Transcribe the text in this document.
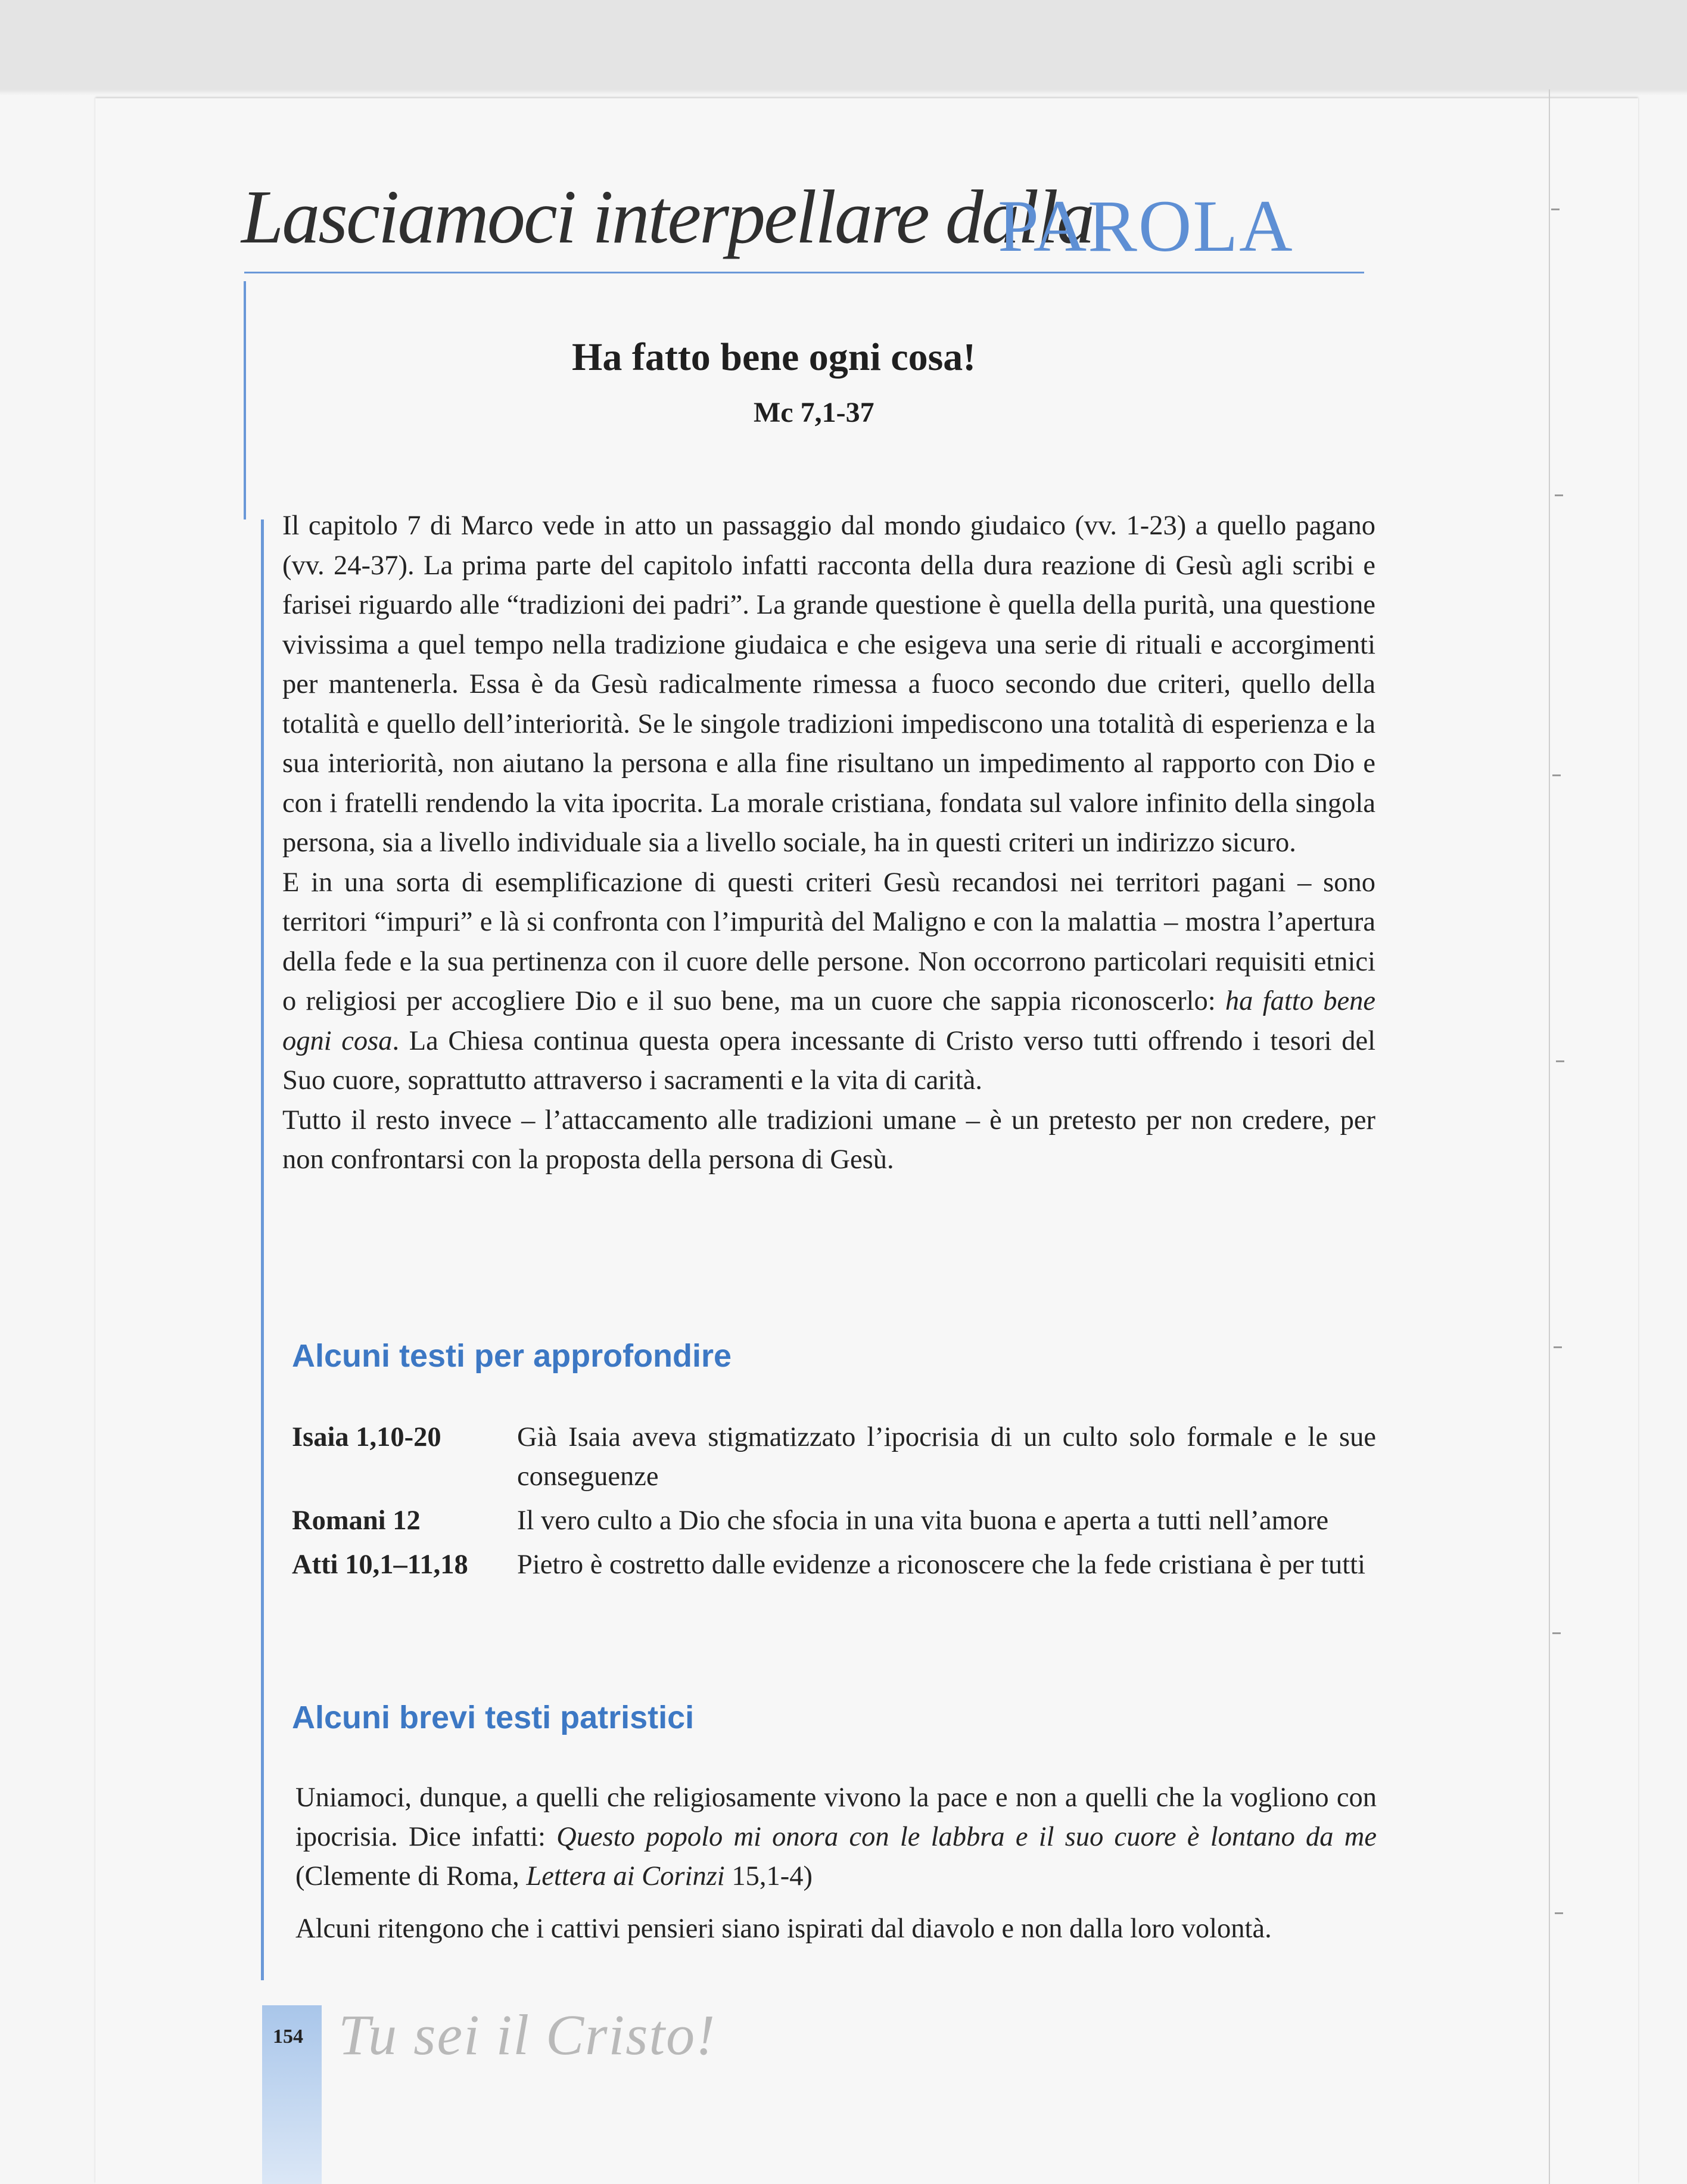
Lasciamoci interpellare dalla
PAROLA
Ha fatto bene ogni cosa!
Mc 7,1-37

Il capitolo 7 di Marco vede in atto un passaggio dal mondo giudaico (vv. 1-23) a quello pagano (vv. 24-37). La prima parte del capitolo infatti racconta della dura reazione di Gesù agli scribi e farisei riguardo alle “tradizioni dei padri”. La grande questione è quella della purità, una questione vivissima a quel tempo nella tradizione giudaica e che esigeva una serie di rituali e accorgimenti per mantenerla. Essa è da Gesù radicalmente rimessa a fuoco secondo due criteri, quello della totalità e quello dell’interiorità. Se le singole tradizioni impediscono una totalità di esperienza e la sua interiorità, non aiutano la persona e alla fine risultano un impedimento al rapporto con Dio e con i fratelli rendendo la vita ipocrita. La morale cristiana, fondata sul valore infinito della singola persona, sia a livello individuale sia a livello sociale, ha in questi criteri un indirizzo sicuro.

E in una sorta di esemplificazione di questi criteri Gesù recandosi nei territori pagani – sono territori “impuri” e là si confronta con l’impurità del Maligno e con la malattia – mostra l’apertura della fede e la sua pertinenza con il cuore delle persone. Non occorrono particolari requisiti etnici o religiosi per accogliere Dio e il suo bene, ma un cuore che sappia riconoscerlo: ha fatto bene ogni cosa. La Chiesa continua questa opera incessante di Cristo verso tutti offrendo i tesori del Suo cuore, soprattutto attraverso i sacramenti e la vita di carità.

Tutto il resto invece – l’attaccamento alle tradizioni umane – è un pretesto per non credere, per non confrontarsi con la proposta della persona di Gesù.

Alcuni testi per approfondire
Isaia 1,10-20	Già Isaia aveva stigmatizzato l’ipocrisia di un culto solo formale e le sue conseguenze
Romani 12	Il vero culto a Dio che sfocia in una vita buona e aperta a tutti nell’amore
Atti 10,1–11,18	Pietro è costretto dalle evidenze a riconoscere che la fede cristiana è per tutti
Alcuni brevi testi patristici

Uniamoci, dunque, a quelli che religiosamente vivono la pace e non a quelli che la vogliono con ipocrisia. Dice infatti: Questo popolo mi onora con le labbra e il suo cuore è lontano da me (Clemente di Roma, Lettera ai Corinzi 15,1-4)

Alcuni ritengono che i cattivi pensieri siano ispirati dal diavolo e non dalla loro volontà.

154 Tu sei il Cristo!
